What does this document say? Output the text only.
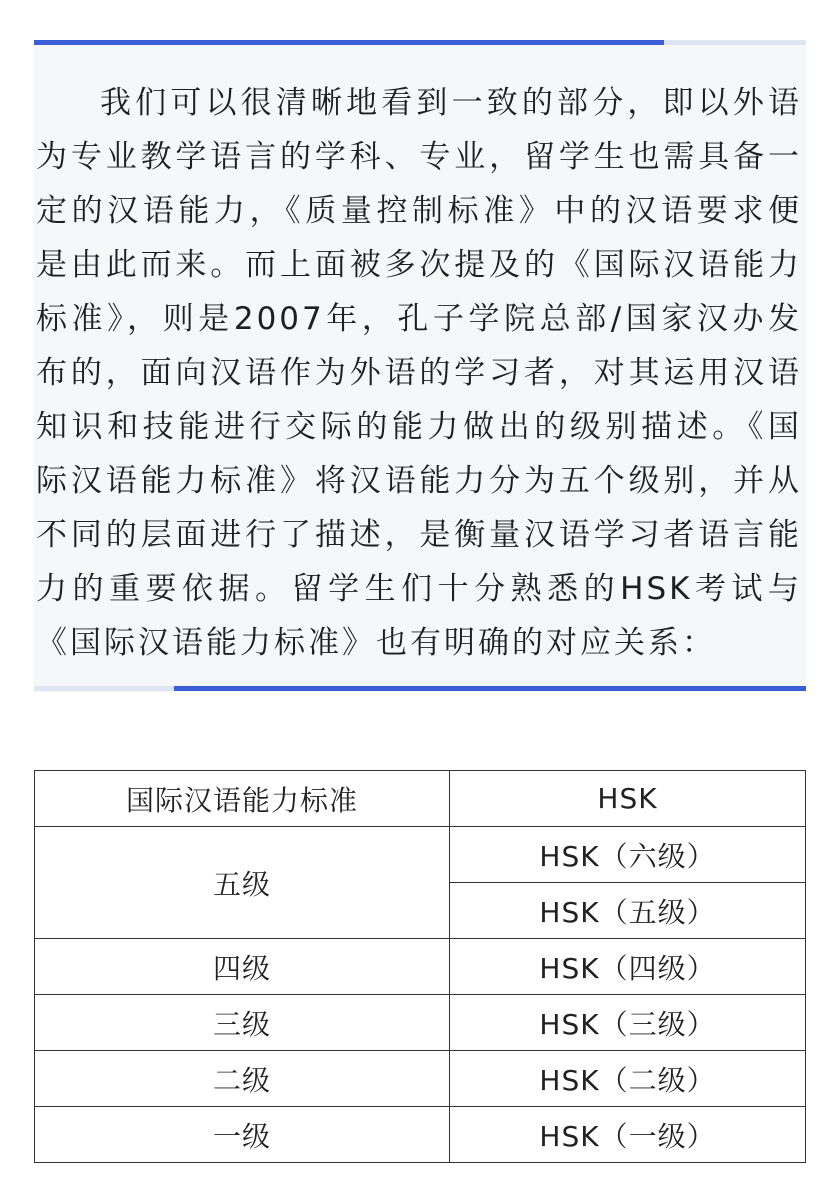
我们可以很清晰地看到一致的部分，即以外语为专业教学语言的学科、专业，留学生也需具备一定的汉语能力，《质量控制标准》中的汉语要求便是由此而来。而上面被多次提及的《国际汉语能力标准》，则是2007年，孔子学院总部/国家汉办发布的，面向汉语作为外语的学习者，对其运用汉语知识和技能进行交际的能力做出的级别描述。《国际汉语能力标准》将汉语能力分为五个级别，并从不同的层面进行了描述，是衡量汉语学习者语言能力的重要依据。留学生们十分熟悉的HSK考试与《国际汉语能力标准》也有明确的对应关系：

国际汉语能力标准	HSK
五级	HSK（六级）
	HSK（五级）
四级	HSK（四级）
三级	HSK（三级）
二级	HSK（二级）
一级	HSK（一级）
